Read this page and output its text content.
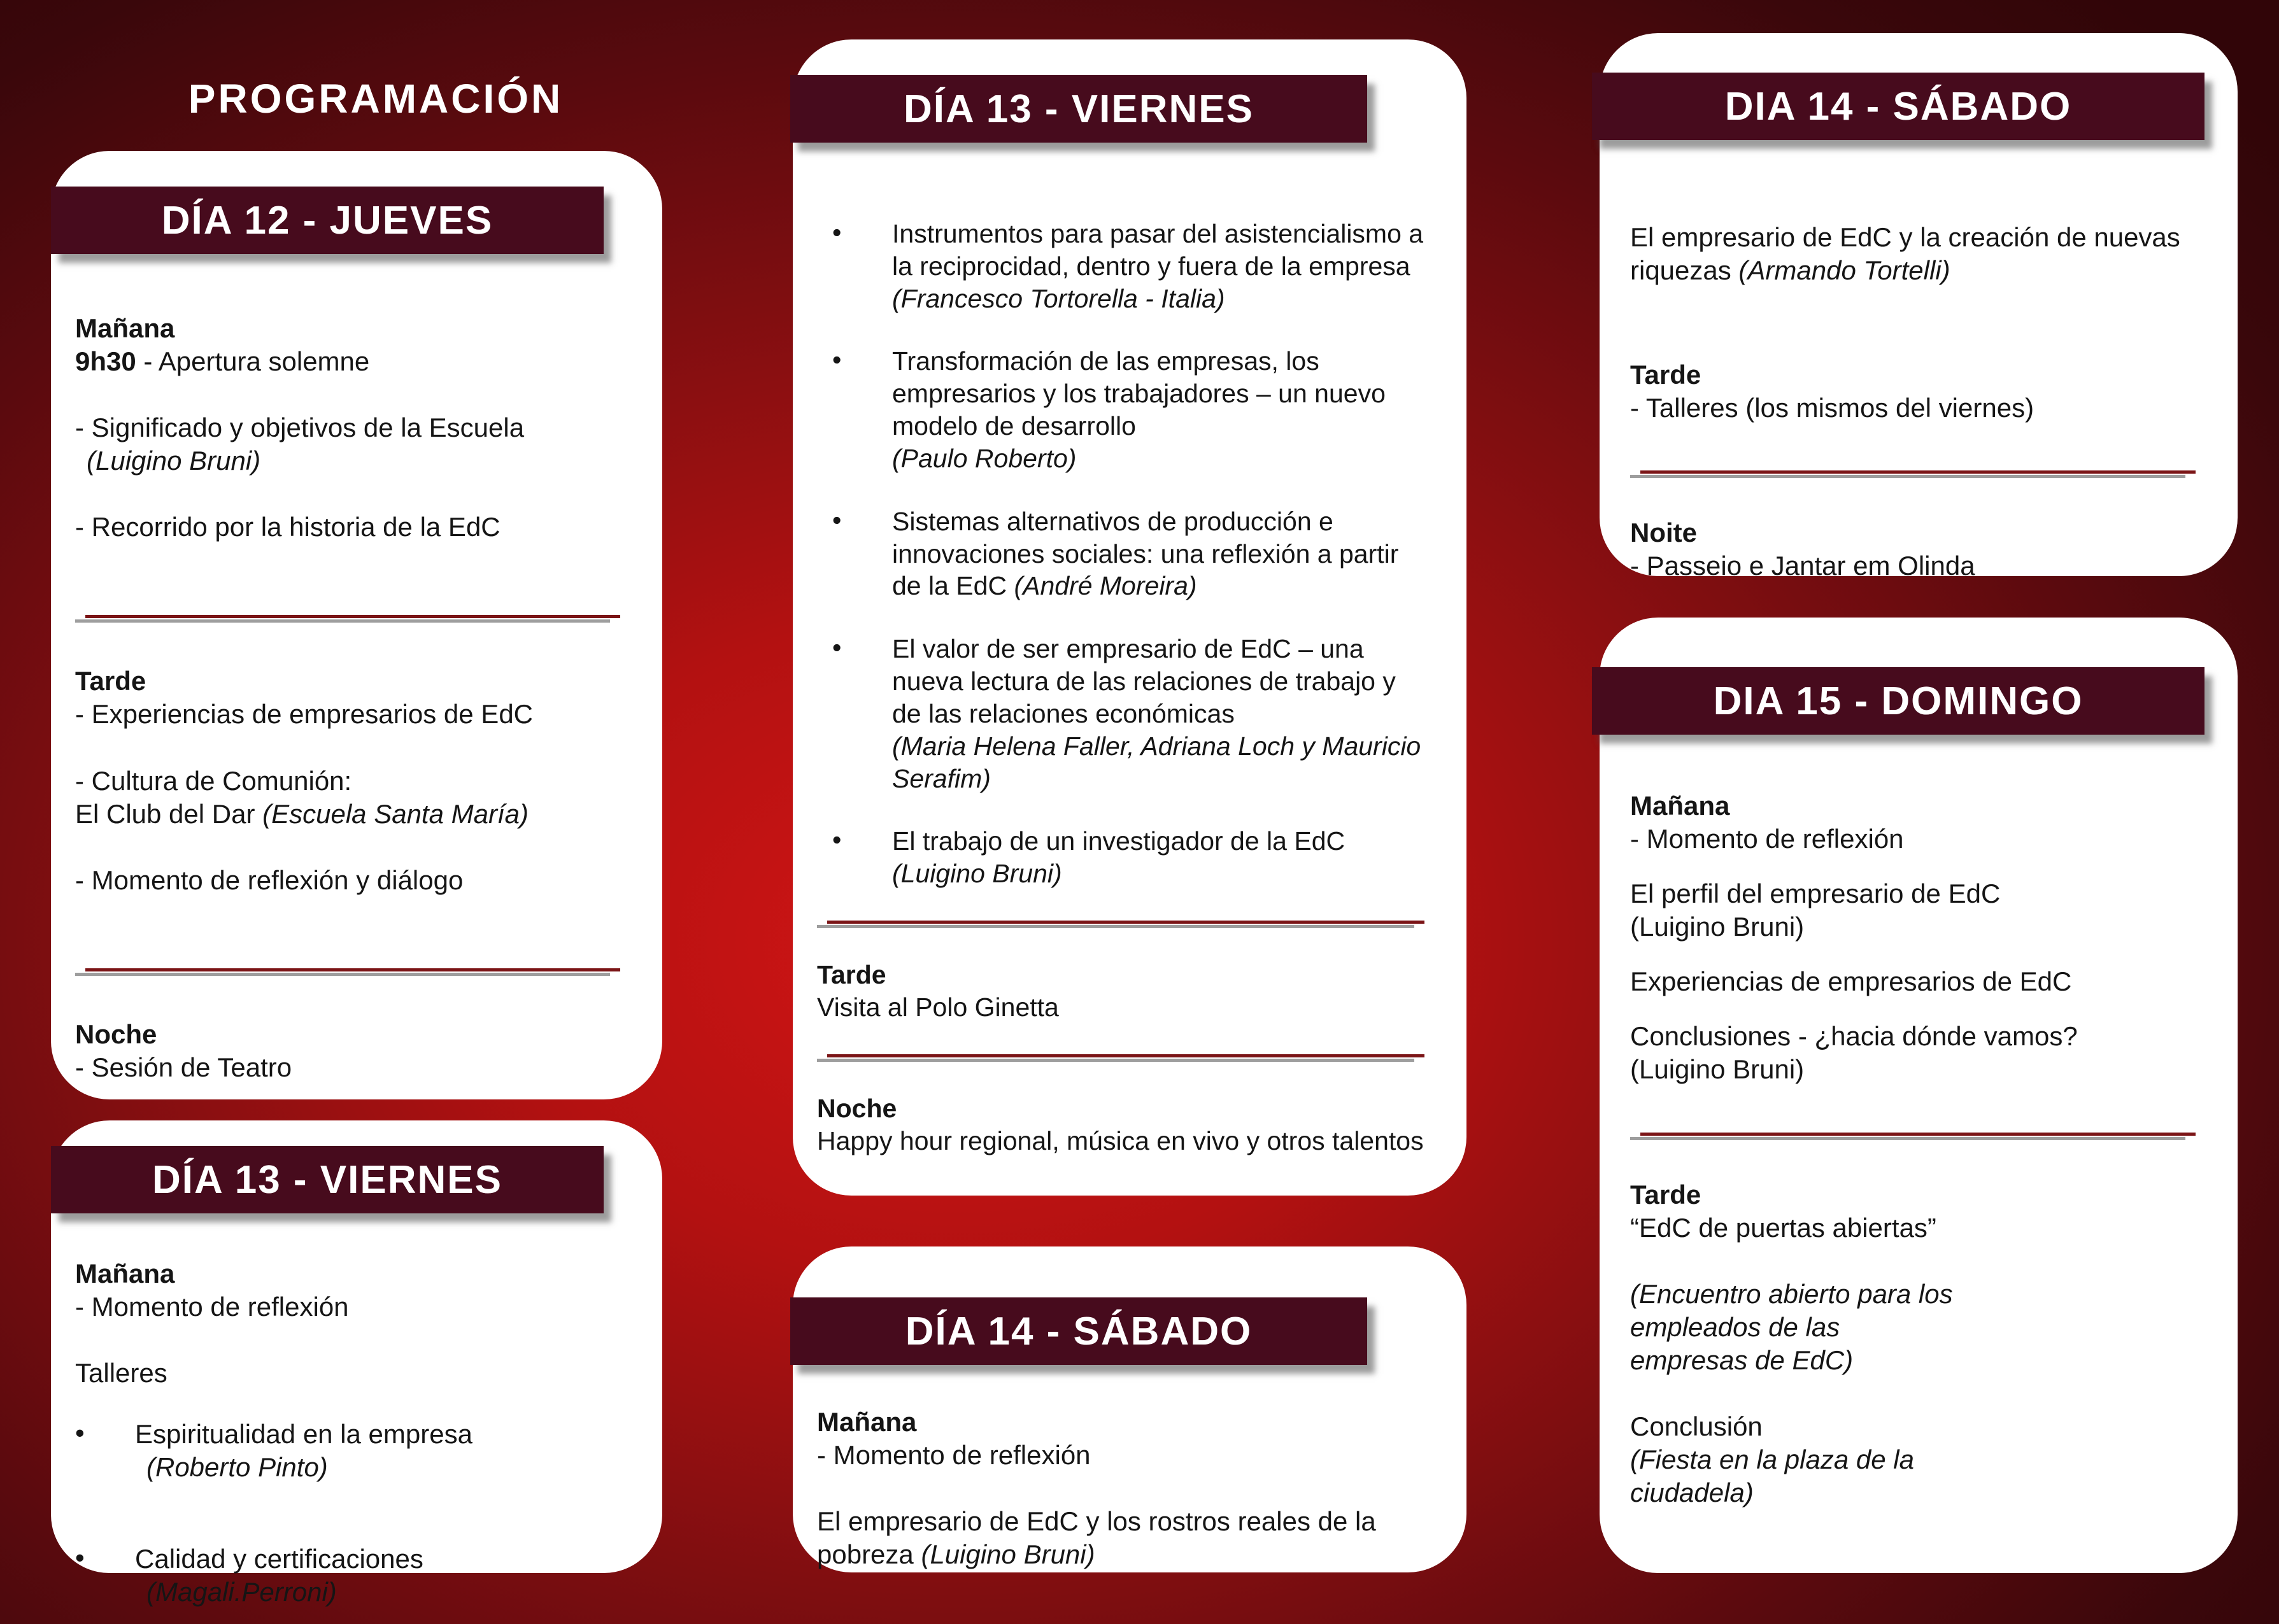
PROGRAMACIÓN
DÍA 12 - JUEVES
Mañana
9h30 - Apertura solemne
- Significado y objetivos de la Escuela
(Luigino Bruni)
- Recorrido por la historia de la EdC
Tarde
- Experiencias de empresarios de EdC
- Cultura de Comunión:
El Club del Dar (Escuela Santa María)
- Momento de reflexión y diálogo
Noche
- Sesión de Teatro
DÍA 13 - VIERNES
Mañana
- Momento de reflexión
Talleres
• Espiritualidad en la empresa
(Roberto Pinto)
• Calidad y certificaciones
(Magali.Perroni)
DÍA 13 - VIERNES
• Instrumentos para pasar del asistencialismo a la reciprocidad, dentro y fuera de la empresa
(Francesco Tortorella - Italia)
• Transformación de las empresas, los empresarios y los trabajadores – un nuevo modelo de desarrollo
(Paulo Roberto)
• Sistemas alternativos de producción e innovaciones sociales: una reflexión a partir de la EdC (André Moreira)
• El valor de ser empresario de EdC – una nueva lectura de las relaciones de trabajo y de las relaciones económicas
(Maria Helena Faller, Adriana Loch y Mauricio Serafim)
• El trabajo de un investigador de la EdC
(Luigino Bruni)
Tarde
Visita al Polo Ginetta
Noche
Happy hour regional, música en vivo y otros talentos
DÍA 14 - SÁBADO
Mañana
- Momento de reflexión
El empresario de EdC y los rostros reales de la pobreza (Luigino Bruni)
DIA 14 - SÁBADO
El empresario de EdC y la creación de nuevas riquezas (Armando Tortelli)
Tarde
- Talleres (los mismos del viernes)
Noite
- Passeio e Jantar em Olinda
DIA 15 - DOMINGO
Mañana
- Momento de reflexión
El perfil del empresario de EdC
(Luigino Bruni)
Experiencias de empresarios de EdC
Conclusiones - ¿hacia dónde vamos?
(Luigino Bruni)
Tarde
“EdC de puertas abiertas”
(Encuentro abierto para los empleados de las empresas de EdC)
Conclusión
(Fiesta en la plaza de la ciudadela)
